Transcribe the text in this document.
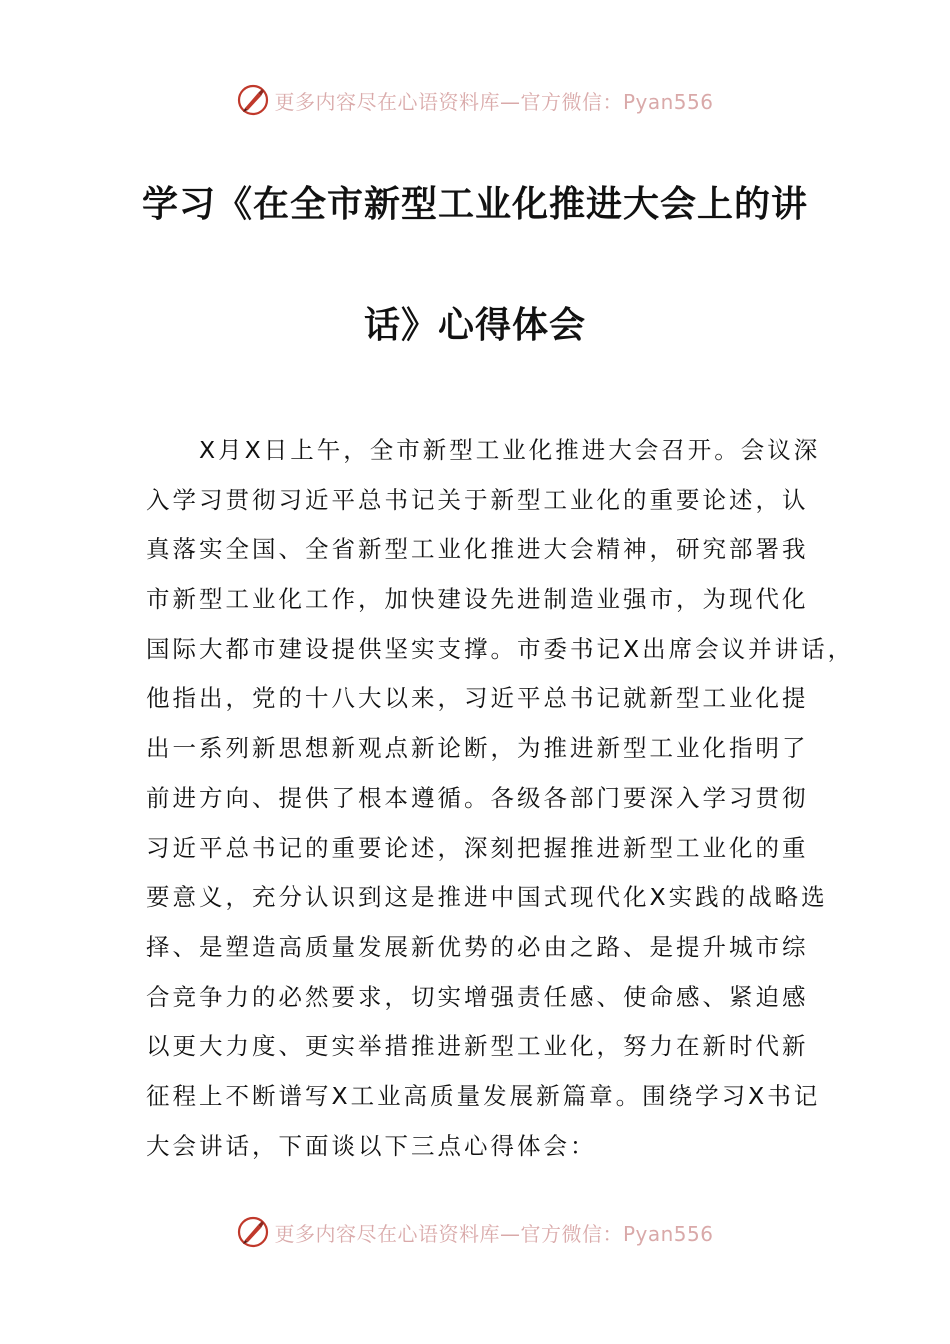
更多内容尽在心语资料库—官方微信：Pyan556
学习《在全市新型工业化推进大会上的讲
话》心得体会
　　X月X日上午，全市新型工业化推进大会召开。会议深
入学习贯彻习近平总书记关于新型工业化的重要论述，认
真落实全国、全省新型工业化推进大会精神，研究部署我
市新型工业化工作，加快建设先进制造业强市，为现代化
国际大都市建设提供坚实支撑。市委书记X出席会议并讲话，
他指出，党的十八大以来，习近平总书记就新型工业化提
出一系列新思想新观点新论断，为推进新型工业化指明了
前进方向、提供了根本遵循。各级各部门要深入学习贯彻
习近平总书记的重要论述，深刻把握推进新型工业化的重
要意义，充分认识到这是推进中国式现代化X实践的战略选
择、是塑造高质量发展新优势的必由之路、是提升城市综
合竞争力的必然要求，切实增强责任感、使命感、紧迫感
以更大力度、更实举措推进新型工业化，努力在新时代新
征程上不断谱写X工业高质量发展新篇章。围绕学习X书记
大会讲话，下面谈以下三点心得体会：
更多内容尽在心语资料库—官方微信：Pyan556
